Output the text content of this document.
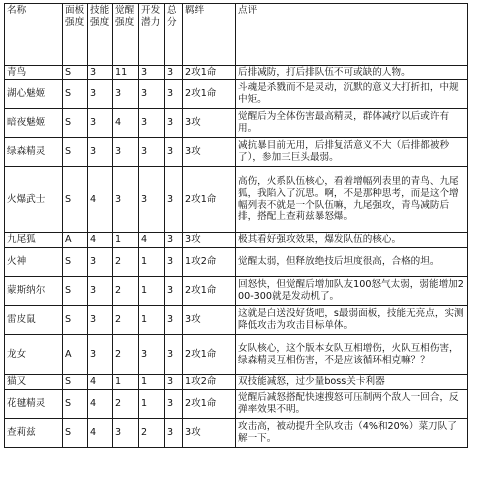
名称	面板强度	技能强度	觉醒强度	开发潜力	总分	羁绊	点评
青鸟	S	3	11	3	3	2攻1命	后排减防，打后排队伍不可或缺的人物。
湖心魅姬	S	3	3	3	3	2攻1命	斗魂是杀戮而不是灵动，沉默的意义大打折扣，中规中矩。
暗夜魅姬	S	3	4	3	3	3攻	觉醒后为全体伤害最高精灵，群体减疗以后或许有用。
绿森精灵	S	3	3	3	3	3攻	减抗暴目前无用，后排复活意义不大（后排都被秒了），参加三巨头最弱。
火爆武士	S	4	3	3	3	2攻1命	高伤，火系队伍核心，看着增幅列表里的青鸟、九尾狐，我陷入了沉思。啊，不是那种思考，而是这个增幅列表不就是一个队伍嘛，九尾强攻，青鸟减防后排，搭配上查莉兹暴怒爆。
九尾狐	A	4	1	4	3	3攻	极其看好强攻效果，爆发队伍的核心。
火神	S	3	2	1	3	1攻2命	觉醒太弱，但释放绝技后坦度很高，合格的坦。
蒙斯纳尔	S	3	2	1	3	2攻1命	回怒快，但觉醒后增加队友100怒气太弱，弱能增加200-300就是发动机了。
雷皮鼠	S	3	2	1	3	3攻	这就是白送没好货吧，s最弱面板，技能无亮点，实测降低攻击为攻击目标单体。
龙女	A	3	2	3	3	2攻1命	女队核心，这个版本女队互相增伤，火队互相伤害，绿森精灵互相伤害，不是应该循环相克嘛？？
猫又	S	4	1	1	3	1攻2命	双技能减怒，过少量boss关卡利器
花毽精灵	S	4	2	1	3	2攻1命	觉醒后减怒搭配快速搜怒可压制两个敌人一回合，反弹率效果不明。
查莉兹	S	4	3	2	3	3攻	攻击高，被动提升全队攻击（4%和20%）菜刀队了解一下。
